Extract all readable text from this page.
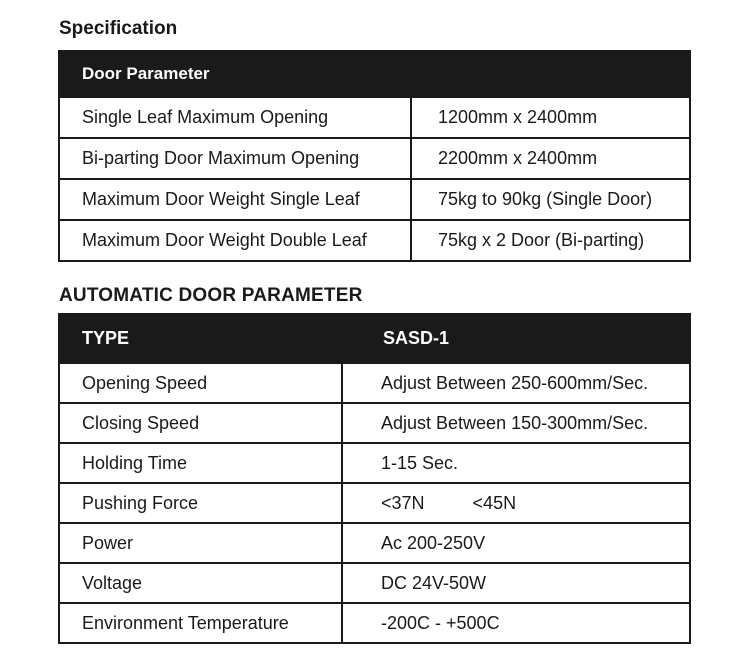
Specification
Door Parameter	
Single Leaf Maximum Opening	1200mm x 2400mm
Bi-parting Door Maximum Opening	2200mm x 2400mm
Maximum Door Weight Single Leaf	75kg to 90kg (Single Door)
Maximum Door Weight Double Leaf	75kg x 2 Door (Bi-parting)
AUTOMATIC DOOR PARAMETER
TYPE	SASD-1
Opening Speed	Adjust Between 250-600mm/Sec.
Closing Speed	Adjust Between 150-300mm/Sec.
Holding Time	1-15 Sec.
Pushing Force	<37N <45N
Power	Ac 200-250V
Voltage	DC 24V-50W
Environment Temperature	-200C - +500C
